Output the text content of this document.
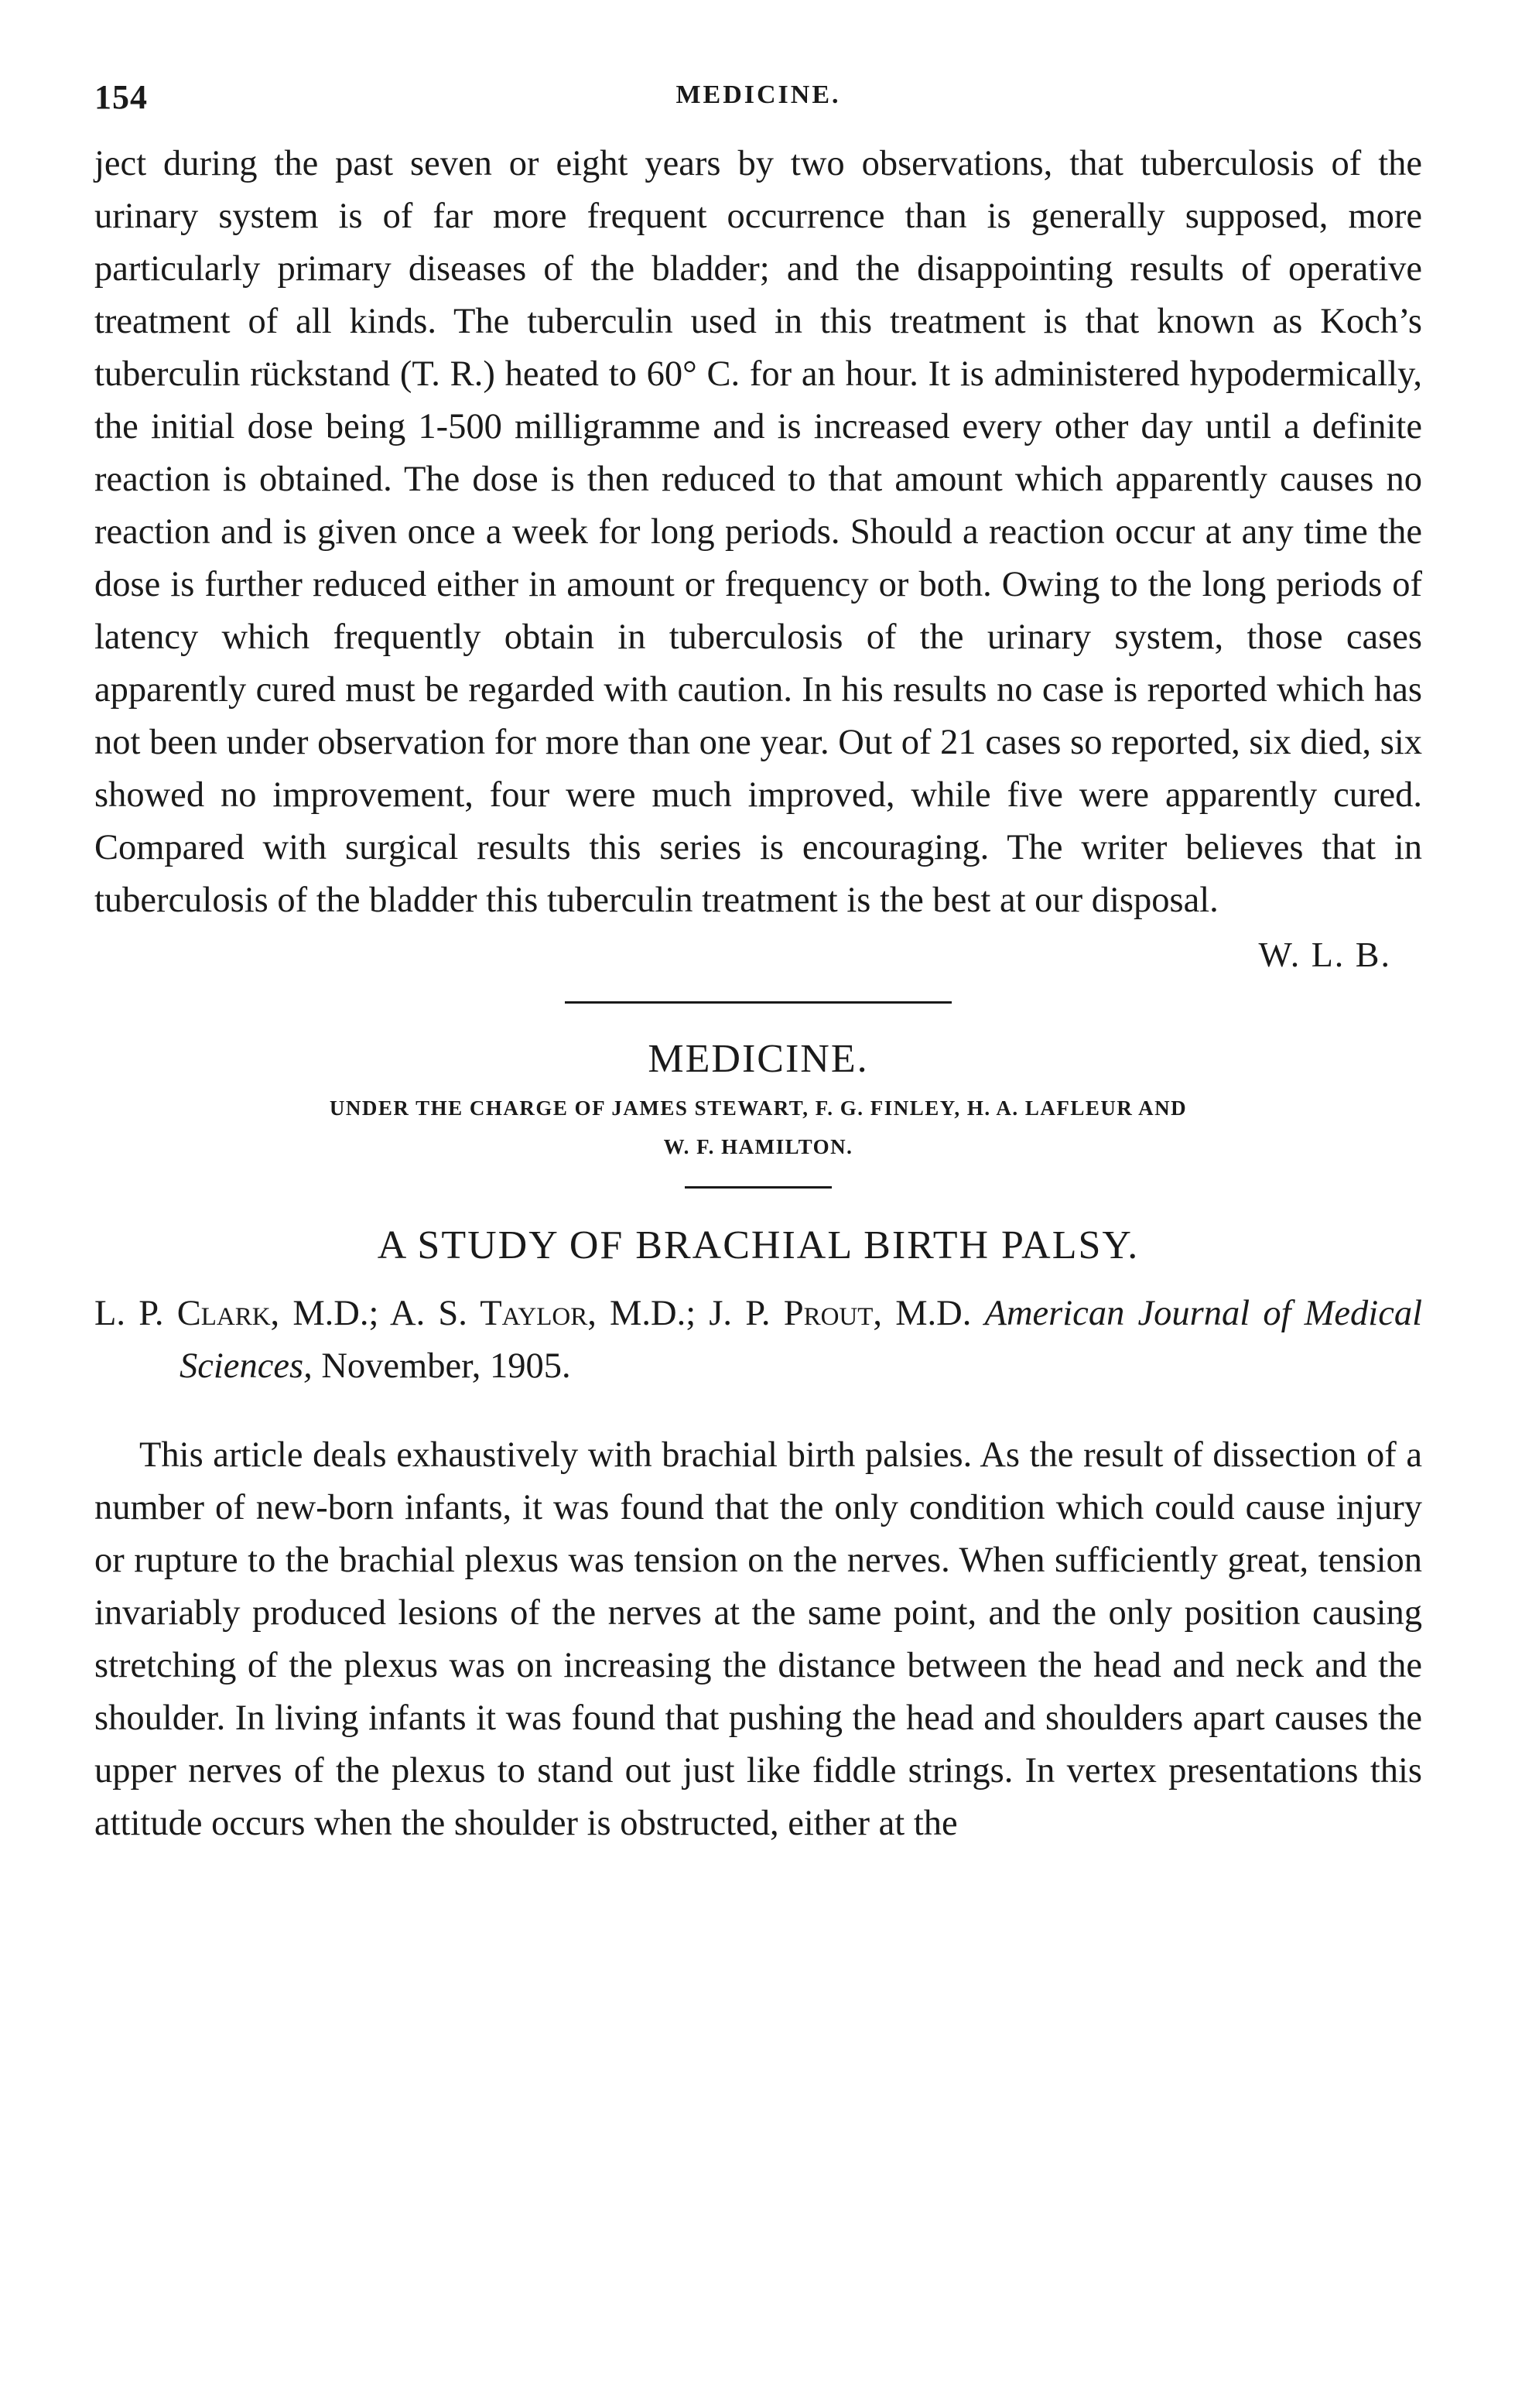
154	MEDICINE.

ject during the past seven or eight years by two observations, that tuberculosis of the urinary system is of far more frequent occurrence than is generally supposed, more particularly primary diseases of the bladder; and the disappointing results of operative treatment of all kinds. The tuberculin used in this treatment is that known as Koch’s tuberculin rückstand (T. R.) heated to 60° C. for an hour. It is administered hypodermically, the initial dose being 1-500 milligramme and is increased every other day until a definite reaction is obtained. The dose is then reduced to that amount which apparently causes no reaction and is given once a week for long periods. Should a reaction occur at any time the dose is further reduced either in amount or frequency or both. Owing to the long periods of latency which frequently obtain in tuberculosis of the urinary system, those cases apparently cured must be regarded with caution. In his results no case is reported which has not been under observation for more than one year. Out of 21 cases so reported, six died, six showed no improvement, four were much improved, while five were apparently cured. Compared with surgical results this series is encouraging. The writer believes that in tuberculosis of the bladder this tuberculin treatment is the best at our disposal.

W. L. B.
MEDICINE.
UNDER THE CHARGE OF JAMES STEWART, F. G. FINLEY, H. A. LAFLEUR AND
W. F. HAMILTON.
A STUDY OF BRACHIAL BIRTH PALSY.

L. P. Clark, M.D.; A. S. Taylor, M.D.; J. P. Prout, M.D. American Journal of Medical Sciences, November, 1905.

This article deals exhaustively with brachial birth palsies. As the result of dissection of a number of new-born infants, it was found that the only condition which could cause injury or rupture to the brachial plexus was tension on the nerves. When sufficiently great, tension invariably produced lesions of the nerves at the same point, and the only position causing stretching of the plexus was on increasing the distance between the head and neck and the shoulder. In living infants it was found that pushing the head and shoulders apart causes the upper nerves of the plexus to stand out just like fiddle strings. In vertex presentations this attitude occurs when the shoulder is obstructed, either at the
